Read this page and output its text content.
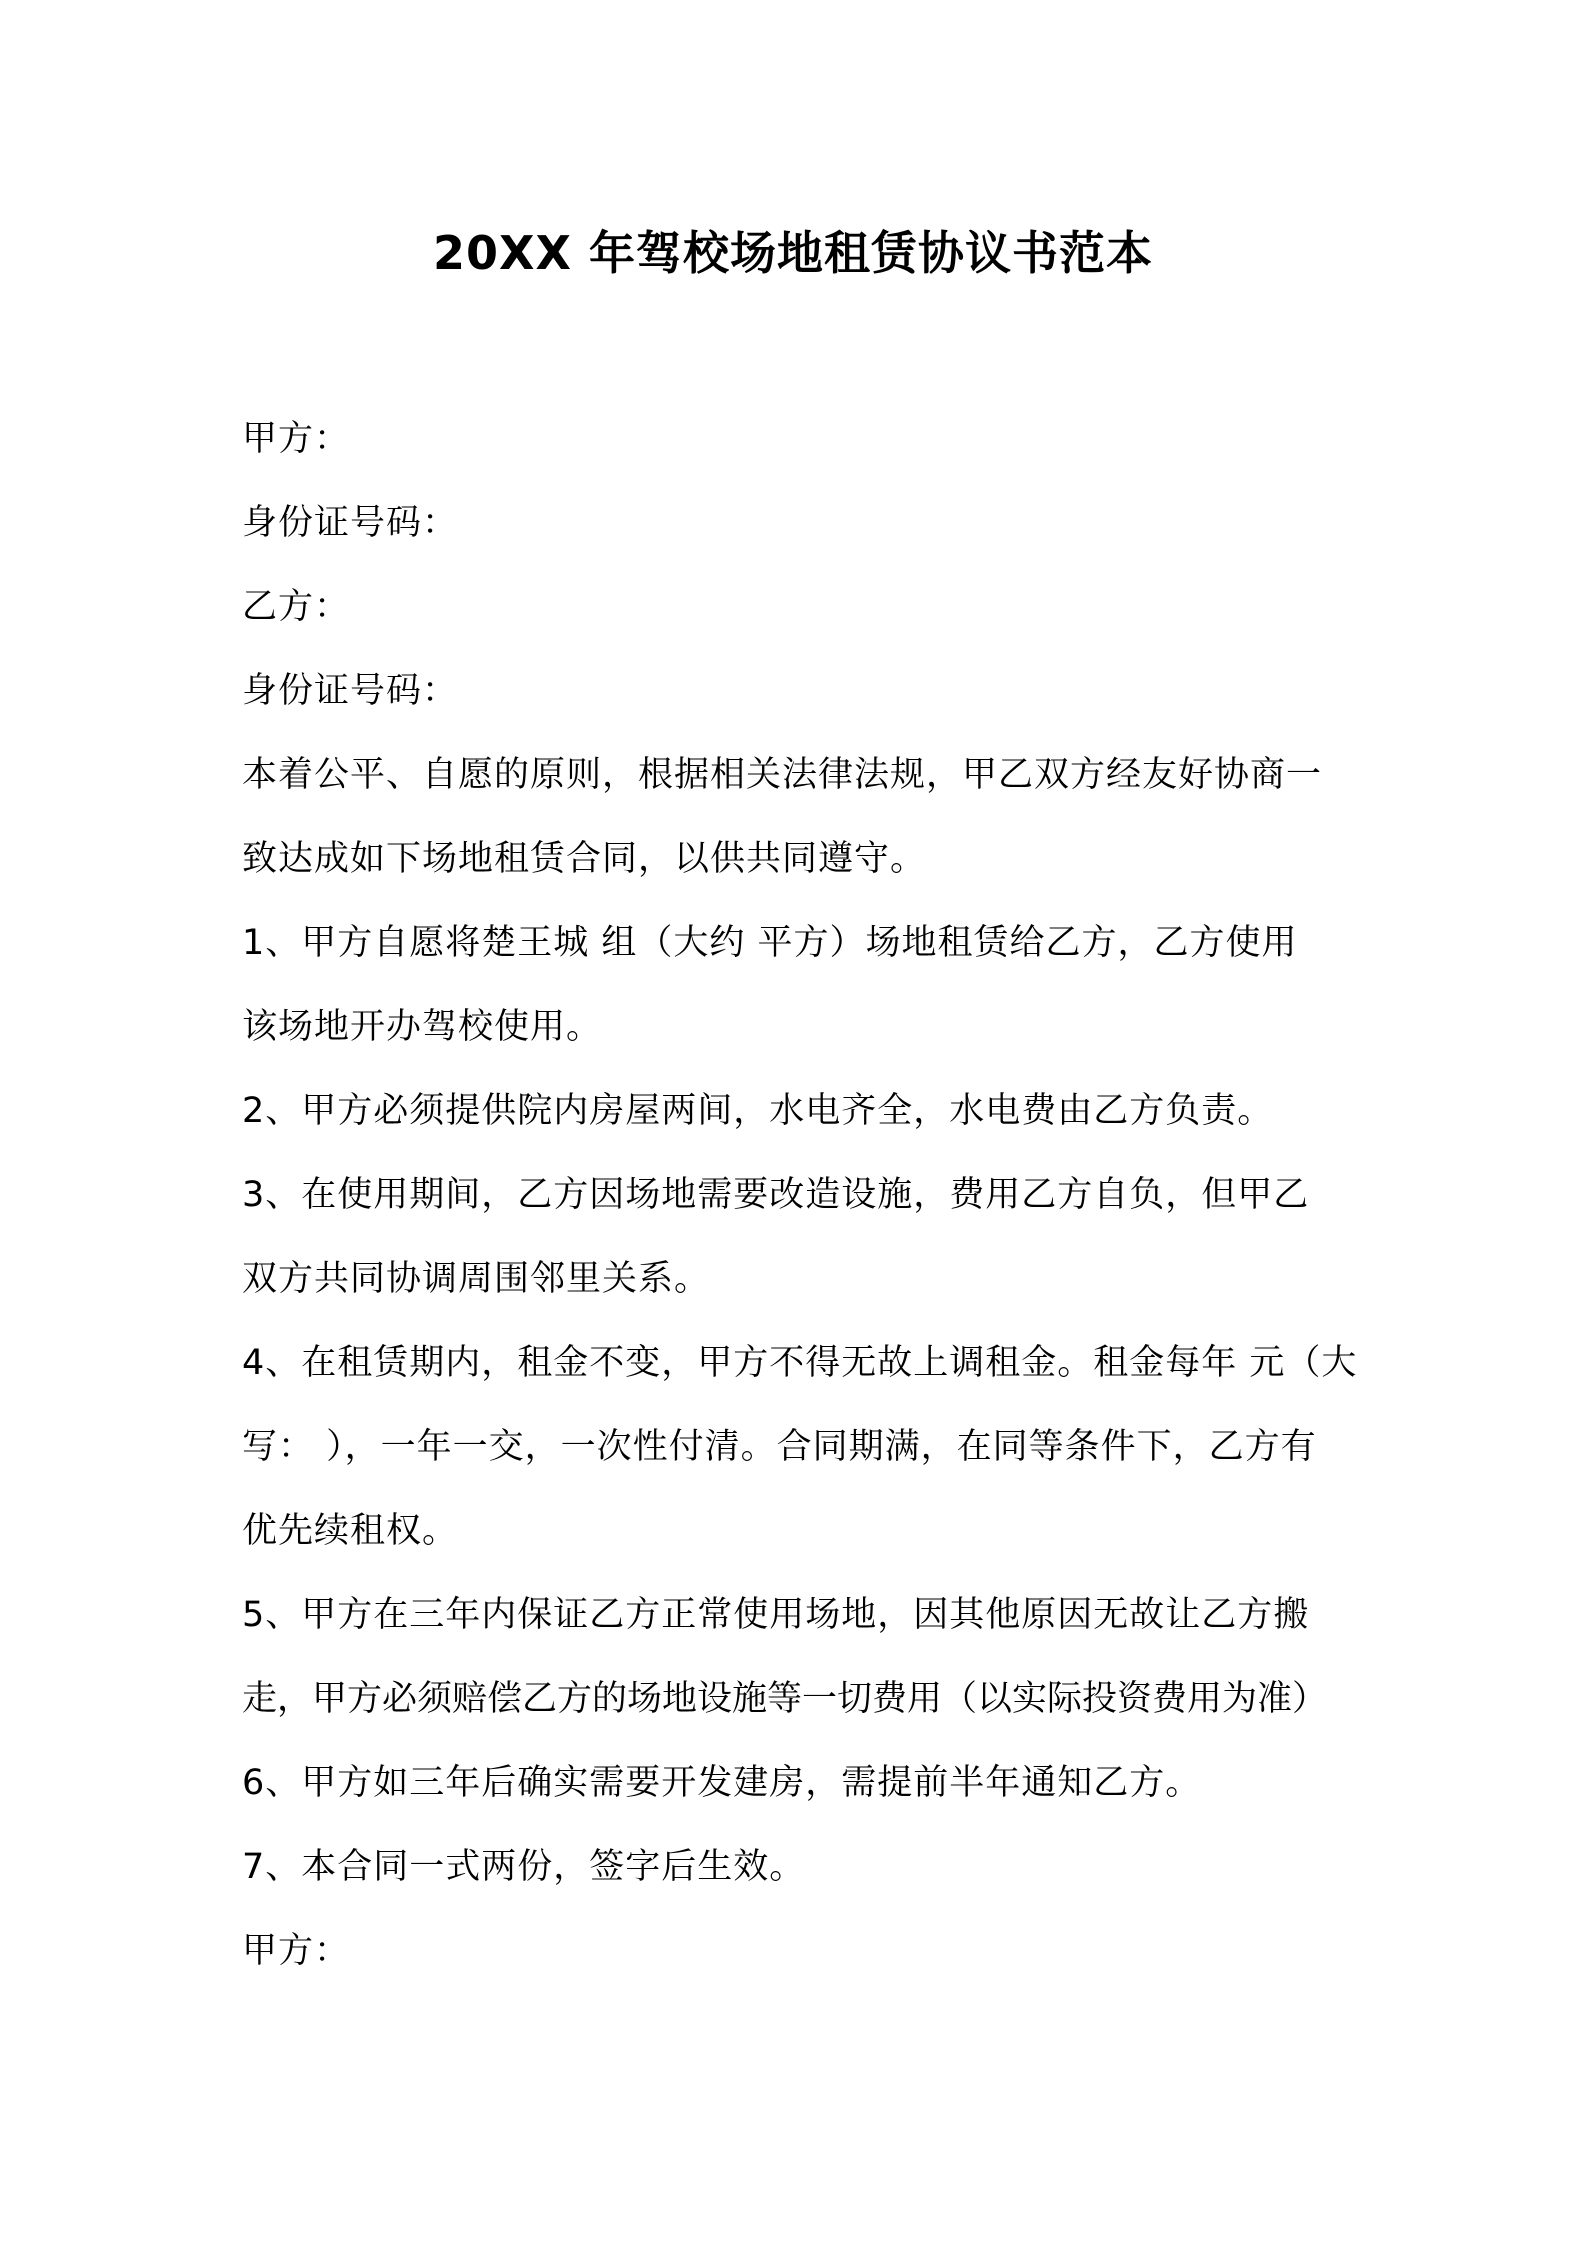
20XX 年驾校场地租赁协议书范本
甲方：
身份证号码：
乙方：
身份证号码：
本着公平、自愿的原则，根据相关法律法规，甲乙双方经友好协商一
致达成如下场地租赁合同，以供共同遵守。
1、甲方自愿将楚王城 组（大约 平方）场地租赁给乙方，乙方使用
该场地开办驾校使用。
2、甲方必须提供院内房屋两间，水电齐全，水电费由乙方负责。
3、在使用期间，乙方因场地需要改造设施，费用乙方自负，但甲乙
双方共同协调周围邻里关系。
4、在租赁期内，租金不变，甲方不得无故上调租金。租金每年 元（大
写： ），一年一交，一次性付清。合同期满，在同等条件下，乙方有
优先续租权。
5、甲方在三年内保证乙方正常使用场地，因其他原因无故让乙方搬
走，甲方必须赔偿乙方的场地设施等一切费用（以实际投资费用为准）
6、甲方如三年后确实需要开发建房，需提前半年通知乙方。
7、本合同一式两份，签字后生效。
甲方：
